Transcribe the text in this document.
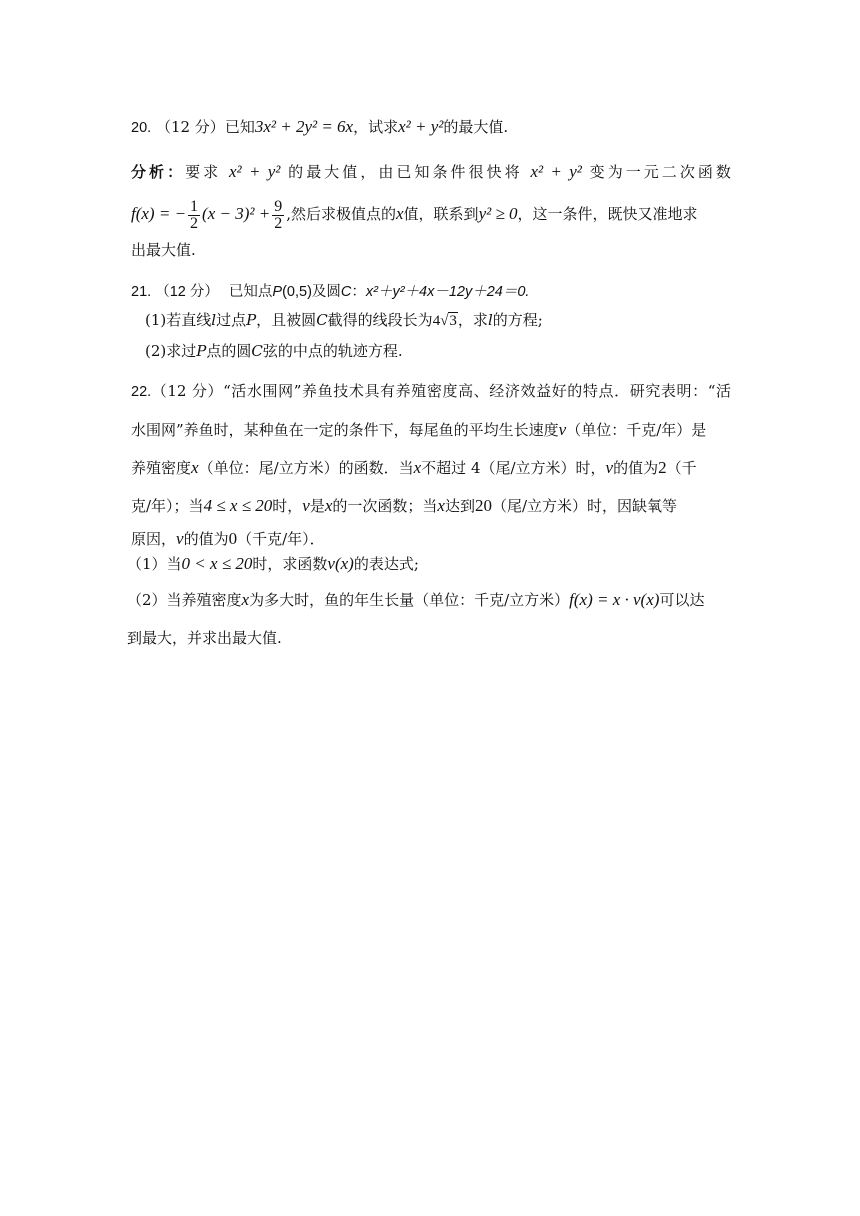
20. （12 分）已知3x² + 2y² = 6x，试求x² + y²的最大值.
分析：要求 x² + y² 的最大值，由已知条件很快将 x² + y² 变为一元二次函数
f(x) = − $\frac{1}{2} (x - 3)^2 + \frac{9}{2}$ ,然后求极值点的x值，联系到y² ≥ 0，这一条件，既快又准地求
出最大值.
21. （12 分） 已知点P(0,5)及圆C：x²＋y²＋4x－12y＋24＝0.
(1)若直线l过点P，且被圆C截得的线段长为4√3，求l的方程;
(2)求过P点的圆C弦的中点的轨迹方程.
22.（12 分）“活水围网”养鱼技术具有养殖密度高、经济效益好的特点．研究表明：“活
水围网”养鱼时，某种鱼在一定的条件下，每尾鱼的平均生长速度v（单位：千克/年）是
养殖密度x（单位：尾/立方米）的函数．当x不超过 4（尾/立方米）时，v的值为2（千
克/年）；当4 ≤ x ≤ 20时，v是x的一次函数；当x达到20（尾/立方米）时，因缺氧等
原因，v的值为0（千克/年）．
（1）当0 < x ≤ 20时，求函数v(x)的表达式;
（2）当养殖密度x为多大时，鱼的年生长量（单位：千克/立方米）f(x) = x · v(x)可以达
到最大，并求出最大值.
